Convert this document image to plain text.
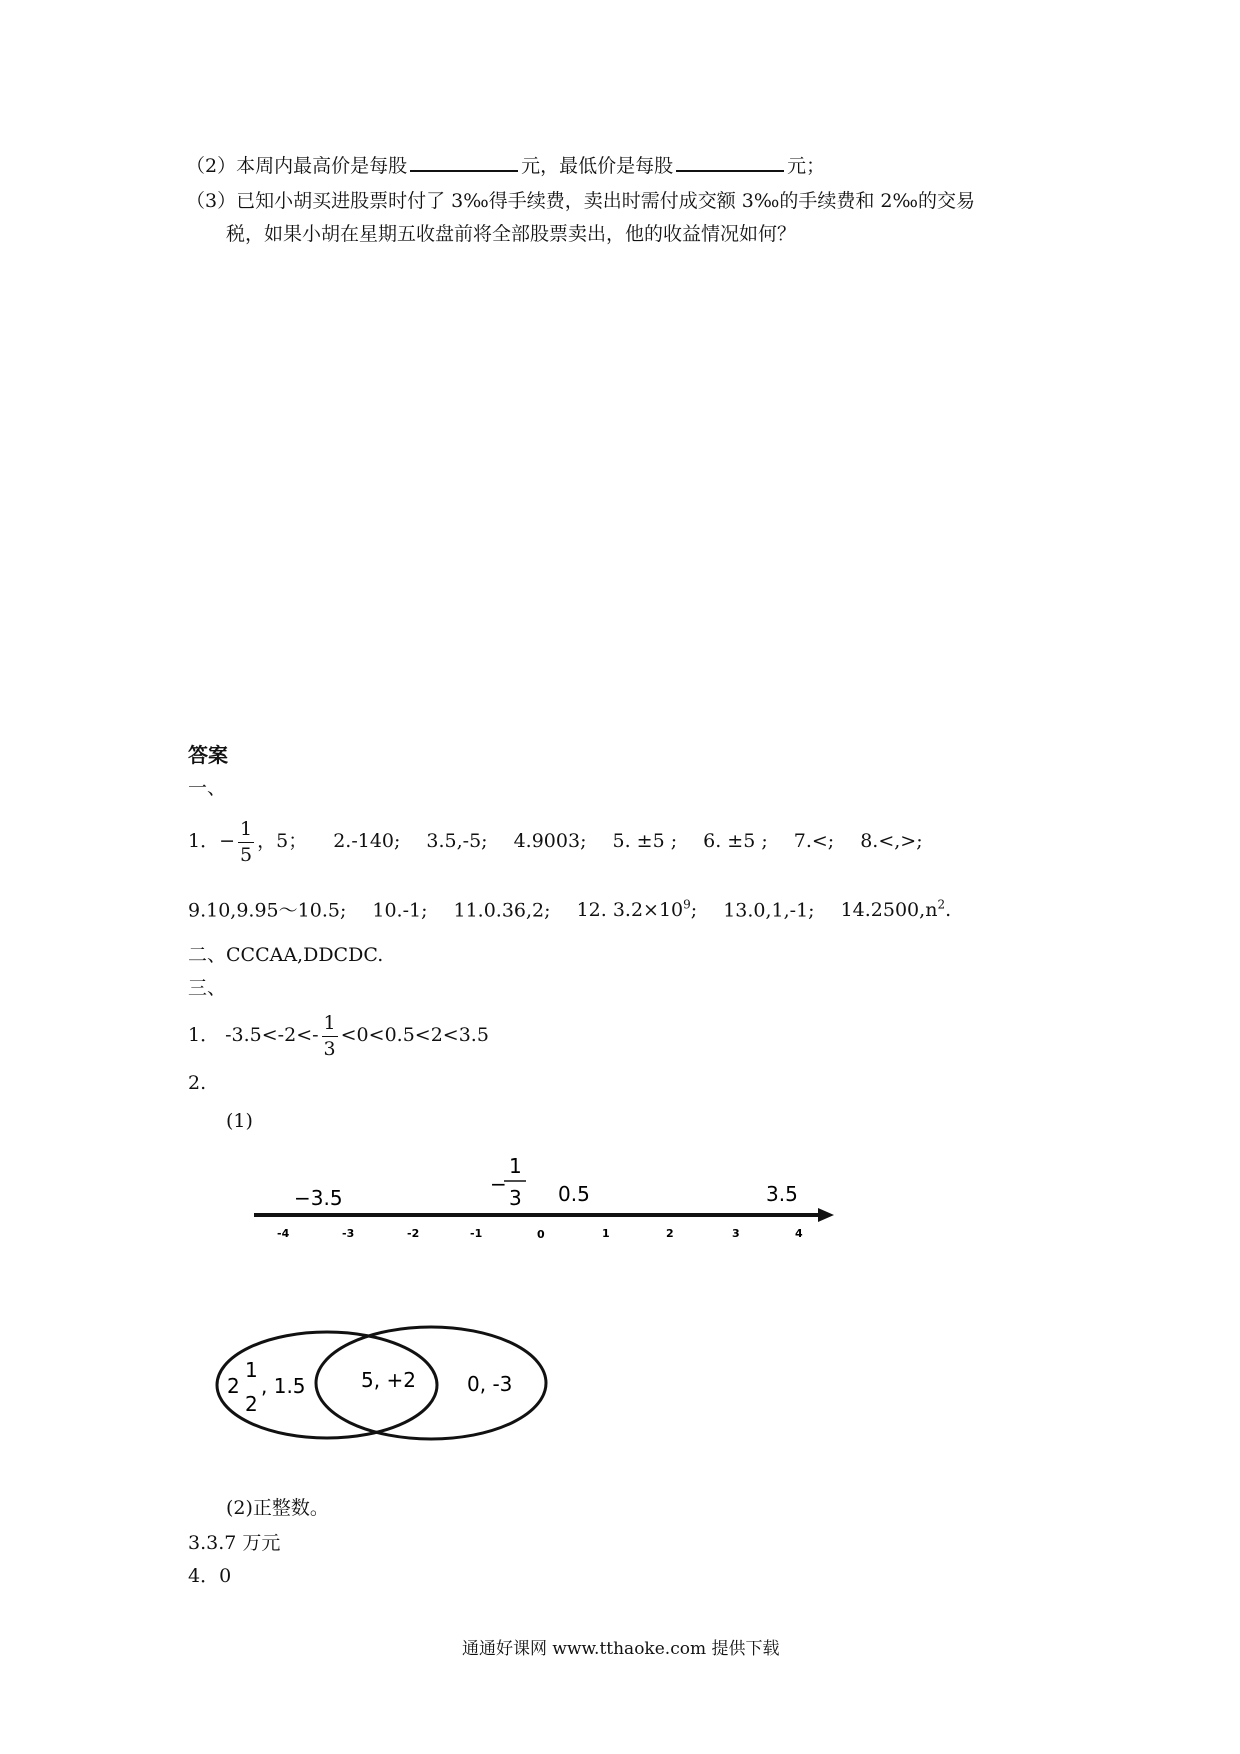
（2）本周内最高价是每股	元，最低价是每股	元；
（3）已知小胡买进股票时付了 3‰得手续费，卖出时需付成交额 3‰的手续费和 2‰的交易
税，如果小胡在星期五收盘前将全部股票卖出，他的收益情况如何？
答案
一、
1．− $\frac{1}{5}$ ，5； 2.-140; 3.5,-5; 4.9003; 5. ±5 ; 6. ±5 ; 7.<; 8.<,>;
9.10,9.95～10.5; 10.-1; 11.0.36,2; 12. $3.2\times 10^9$; 13.0,1,-1; $14.2500,n^2$.
二、CCCAA,DDCDC.
三、
1． $-3.5<-2<- \frac{1}{3} <0<0.5<2<3.5$
2.
(1)
−3.5
−
1
3 0.5	3.5
-4	-3	-2	-1	0	1	2	3	4
2
1
2
, 1.5	5, +2	0, -3
(2)正整数。
3.3.7 万元
4．0
通通好课网 www.tthaoke.com 提供下载
